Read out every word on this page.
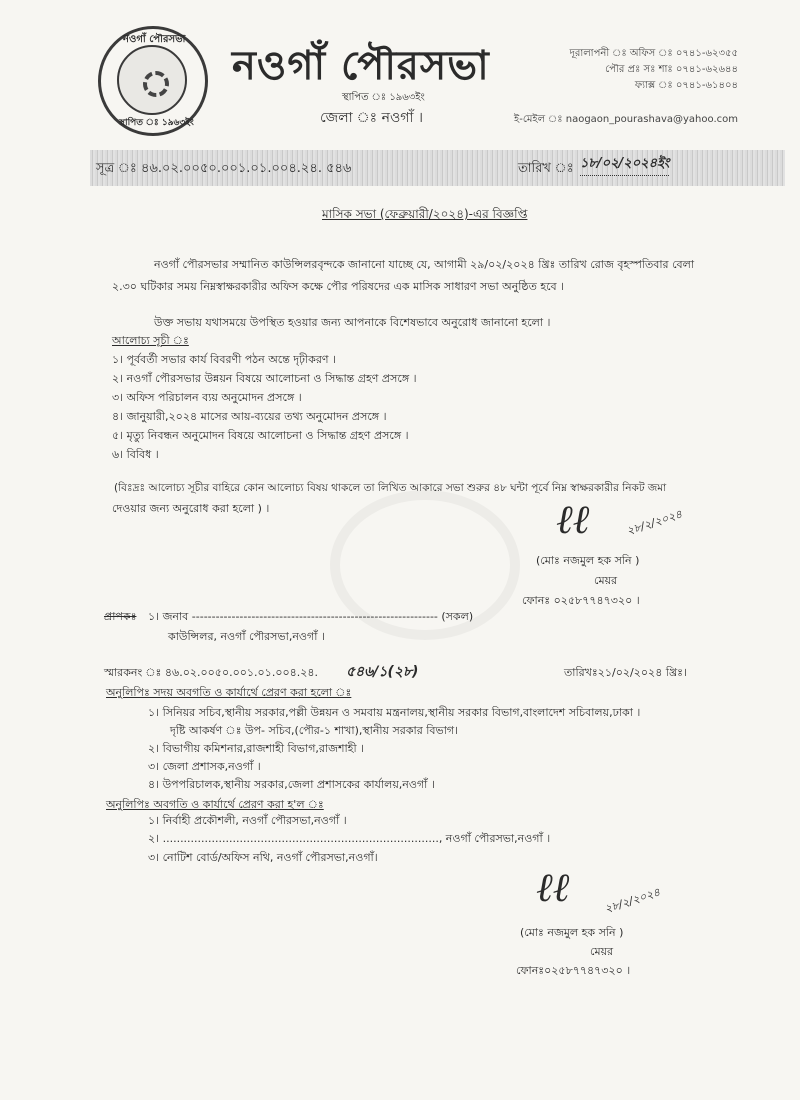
নওগাঁ পৌরসভা
স্থাপিত ঃ ১৯৬৩ইং
নওগাঁ পৌরসভা
স্থাপিত ঃ ১৯৬৩ইং
জেলা ঃ নওগাঁ ।
দূরালাপনী ঃ অফিস ঃ ০৭৪১-৬২৩৫৫
পৌর প্রঃ সঃ শাঃ ০৭৪১-৬২৬৪৪
ফ্যাক্স ঃ ০৭৪১-৬১৪০৪
ই-মেইল ঃ naogaon_pourashava@yahoo.com
সূত্র ঃ ৪৬.০২.০০৫০.০০১.০১.০০৪.২৪. ৫৪৬	তারিখ ঃ ১৮/০২/২০২৪ইং
মাসিক সভা (ফেব্রুয়ারী/২০২৪)-এর বিজ্ঞপ্তি
নওগাঁ পৌরসভার সম্মানিত কাউন্সিলরবৃন্দকে জানানো যাচ্ছে যে, আগামী ২৯/০২/২০২৪ খ্রিঃ তারিখ রোজ বৃহস্পতিবার বেলা
২.৩০ ঘটিকার সময় নিম্নস্বাক্ষরকারীর অফিস কক্ষে পৌর পরিষদের এক মাসিক সাধারণ সভা অনুষ্ঠিত হবে ।
উক্ত সভায় যথাসময়ে উপস্থিত হওয়ার জন্য আপনাকে বিশেষভাবে অনুরোধ জানানো হলো ।
আলোচ্য সূচী ঃ
১। পূর্ববর্তী সভার কার্য বিবরণী পঠন অন্তে দৃঢ়ীকরণ ।
২। নওগাঁ পৌরসভার উন্নয়ন বিষয়ে আলোচনা ও সিদ্ধান্ত গ্রহণ প্রসঙ্গে ।
৩। অফিস পরিচালন ব্যয় অনুমোদন প্রসঙ্গে ।
৪। জানুয়ারী,২০২৪ মাসের আয়-ব্যয়ের তথ্য অনুমোদন প্রসঙ্গে ।
৫। মৃত্যু নিবন্ধন অনুমোদন বিষয়ে আলোচনা ও সিদ্ধান্ত গ্রহণ প্রসঙ্গে ।
৬। বিবিধ ।
(বিঃদ্রঃ আলোচ্য সূচীর বাহিরে কোন আলোচ্য বিষয় থাকলে তা লিখিত আকারে সভা শুরুর ৪৮ ঘন্টা পূর্বে নিম্ন স্বাক্ষরকারীর নিকট জমা
দেওয়ার জন্য অনুরোধ করা হলো ) ।	ℓℓ	২৮/২/২০২৪
(মোঃ নজমুল হক সনি )
মেয়র
ফোনঃ ০২৫৮৭৭৪৭৩২০ ।
প্রাপকঃ ১। জনাব -------------------------------------------------------------- (সকল)
কাউন্সিলর, নওগাঁ পৌরসভা,নওগাঁ ।
স্মারকনং ঃ ৪৬.০২.০০৫০.০০১.০১.০০৪.২৪. ৫৪৬/১(২৮)	তারিখঃ২১/০২/২০২৪ খ্রিঃ।
অনুলিপিঃ সদয় অবগতি ও কার্যার্থে প্রেরণ করা হলো ঃ
১। সিনিয়র সচিব,স্থানীয় সরকার,পল্লী উন্নয়ন ও সমবায় মন্ত্রনালয়,স্থানীয় সরকার বিভাগ,বাংলাদেশ সচিবালয়,ঢাকা ।
দৃষ্টি আকর্ষণ ঃ উপ- সচিব,(পৌর-১ শাখা),স্থানীয় সরকার বিভাগ।
২। বিভাগীয় কমিশনার,রাজশাহী বিভাগ,রাজশাহী ।
৩। জেলা প্রশাসক,নওগাঁ ।
৪। উপপরিচালক,স্থানীয় সরকার,জেলা প্রশাসকের কার্যালয়,নওগাঁ ।
অনুলিপিঃ অবগতি ও কার্যার্থে প্রেরণ করা হ'ল ঃ
১। নির্বাহী প্রকৌশলী, নওগাঁ পৌরসভা,নওগাঁ ।
২। ..............................................................................., নওগাঁ পৌরসভা,নওগাঁ ।
৩। নোটিশ বোর্ড/অফিস নথি, নওগাঁ পৌরসভা,নওগাঁ।
ℓℓ	২৮/২/২০২৪
(মোঃ নজমুল হক সনি )
মেয়র
ফোনঃ০২৫৮৭৭৪৭৩২০ ।
